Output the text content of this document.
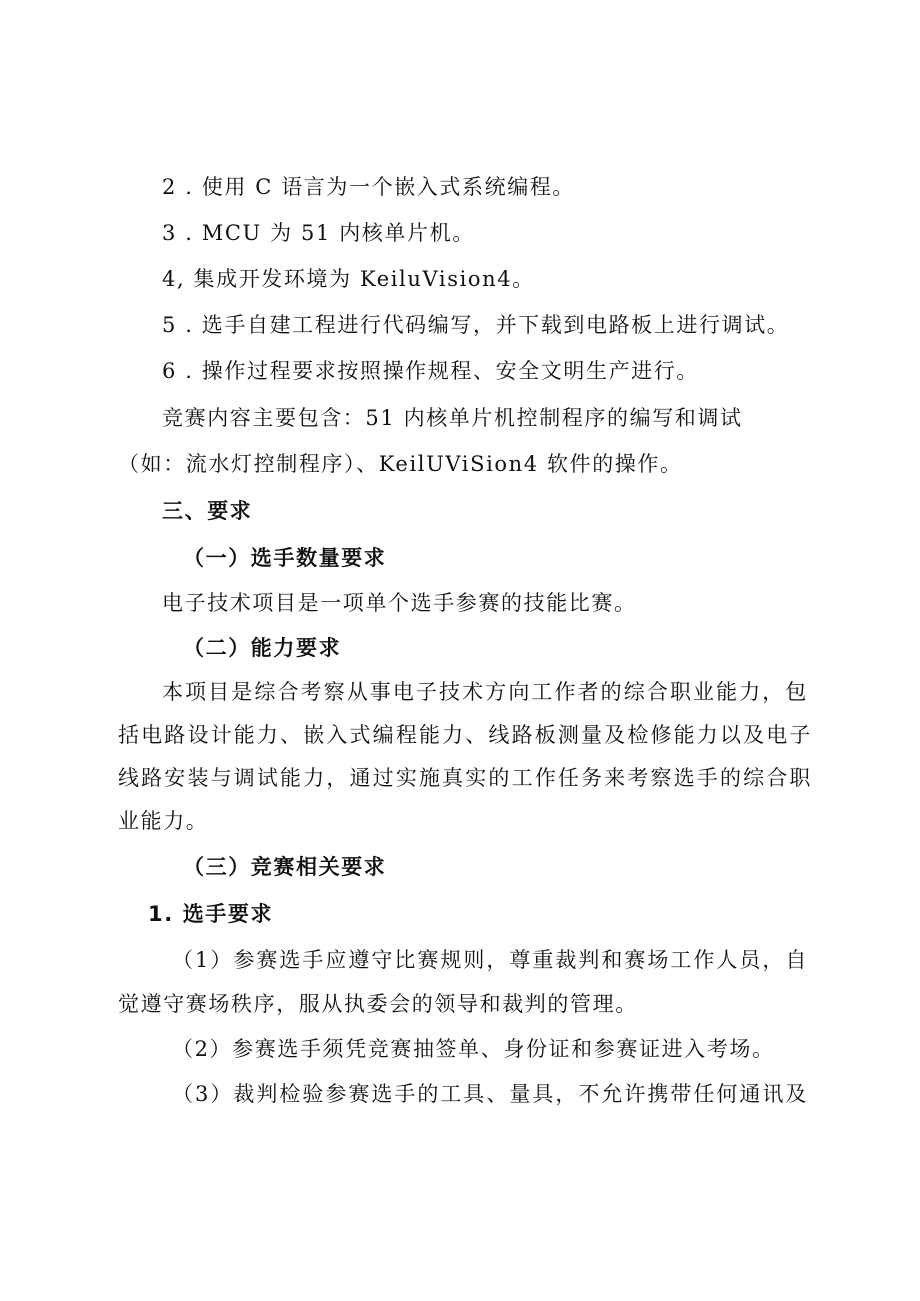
2 . 使用 C 语言为一个嵌入式系统编程。

3 . MCU 为 51 内核单片机。

4, 集成开发环境为 KeiluVision4。

5 . 选手自建工程进行代码编写，并下载到电路板上进行调试。

6 . 操作过程要求按照操作规程、安全文明生产进行。

竞赛内容主要包含：51 内核单片机控制程序的编写和调试

（如：流水灯控制程序）、KeilUViSion4 软件的操作。

三、要求

（一）选手数量要求

电子技术项目是一项单个选手参赛的技能比赛。

（二）能力要求

本项目是综合考察从事电子技术方向工作者的综合职业能力，包

括电路设计能力、嵌入式编程能力、线路板测量及检修能力以及电子

线路安装与调试能力，通过实施真实的工作任务来考察选手的综合职

业能力。

（三）竞赛相关要求

1. 选手要求

（1）参赛选手应遵守比赛规则，尊重裁判和赛场工作人员，自

觉遵守赛场秩序，服从执委会的领导和裁判的管理。

（2）参赛选手须凭竞赛抽签单、身份证和参赛证进入考场。

（3）裁判检验参赛选手的工具、量具，不允许携带任何通讯及
